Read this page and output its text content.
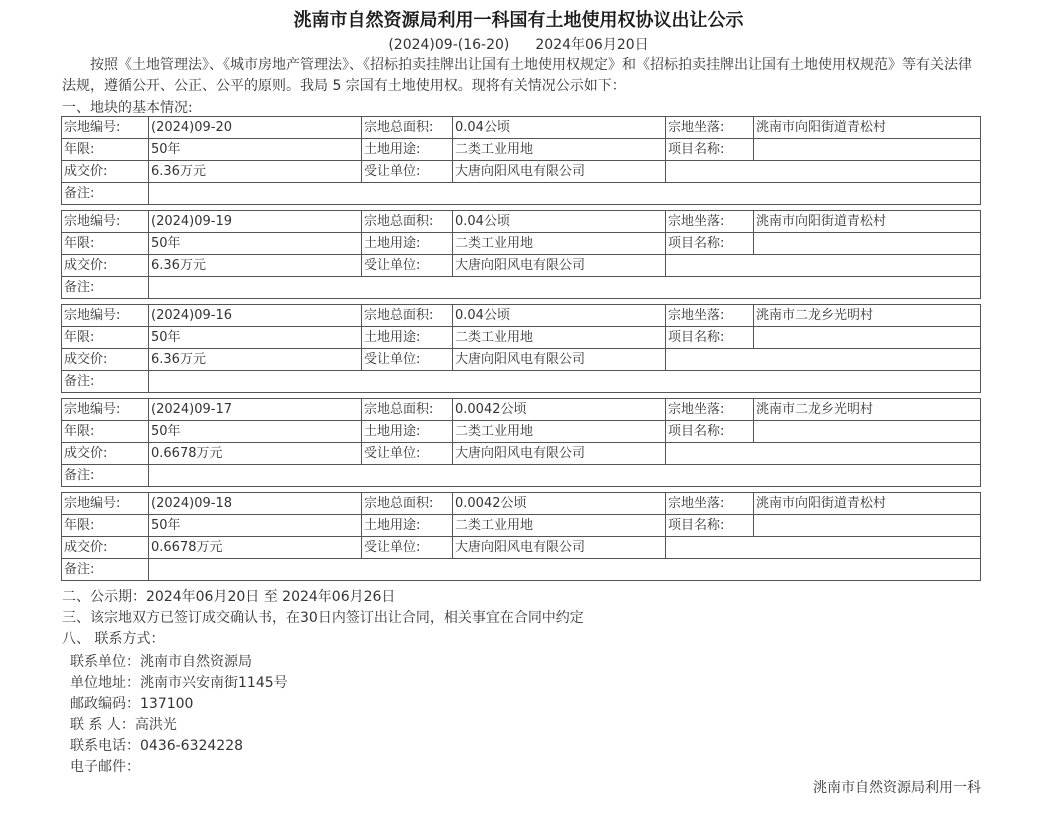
洮南市自然资源局利用一科国有土地使用权协议出让公示
(2024)09-(16-20) 2024年06月20日
按照《土地管理法》、《城市房地产管理法》、《招标拍卖挂牌出让国有土地使用权规定》和《招标拍卖挂牌出让国有土地使用权规范》等有关法律法规，遵循公开、公正、公平的原则。我局 5 宗国有土地使用权。现将有关情况公示如下：
一、地块的基本情况:
宗地编号:	(2024)09-20	宗地总面积:	0.04公顷	宗地坐落:	洮南市向阳街道青松村
年限:	50年	土地用途:	二类工业用地	项目名称:	
成交价:	6.36万元	受让单位:	大唐向阳风电有限公司		
备注:					
宗地编号:	(2024)09-19	宗地总面积:	0.04公顷	宗地坐落:	洮南市向阳街道青松村
年限:	50年	土地用途:	二类工业用地	项目名称:	
成交价:	6.36万元	受让单位:	大唐向阳风电有限公司		
备注:					
宗地编号:	(2024)09-16	宗地总面积:	0.04公顷	宗地坐落:	洮南市二龙乡光明村
年限:	50年	土地用途:	二类工业用地	项目名称:	
成交价:	6.36万元	受让单位:	大唐向阳风电有限公司		
备注:					
宗地编号:	(2024)09-17	宗地总面积:	0.0042公顷	宗地坐落:	洮南市二龙乡光明村
年限:	50年	土地用途:	二类工业用地	项目名称:	
成交价:	0.6678万元	受让单位:	大唐向阳风电有限公司		
备注:					
宗地编号:	(2024)09-18	宗地总面积:	0.0042公顷	宗地坐落:	洮南市向阳街道青松村
年限:	50年	土地用途:	二类工业用地	项目名称:	
成交价:	0.6678万元	受让单位:	大唐向阳风电有限公司		
备注:					
二、公示期：2024年06月20日 至 2024年06月26日
三、该宗地双方已签订成交确认书，在30日内签订出让合同，相关事宜在合同中约定
八、 联系方式：
联系单位：洮南市自然资源局
单位地址：洮南市兴安南街1145号
邮政编码：137100
联 系 人：高洪光
联系电话：0436-6324228
电子邮件：
洮南市自然资源局利用一科
